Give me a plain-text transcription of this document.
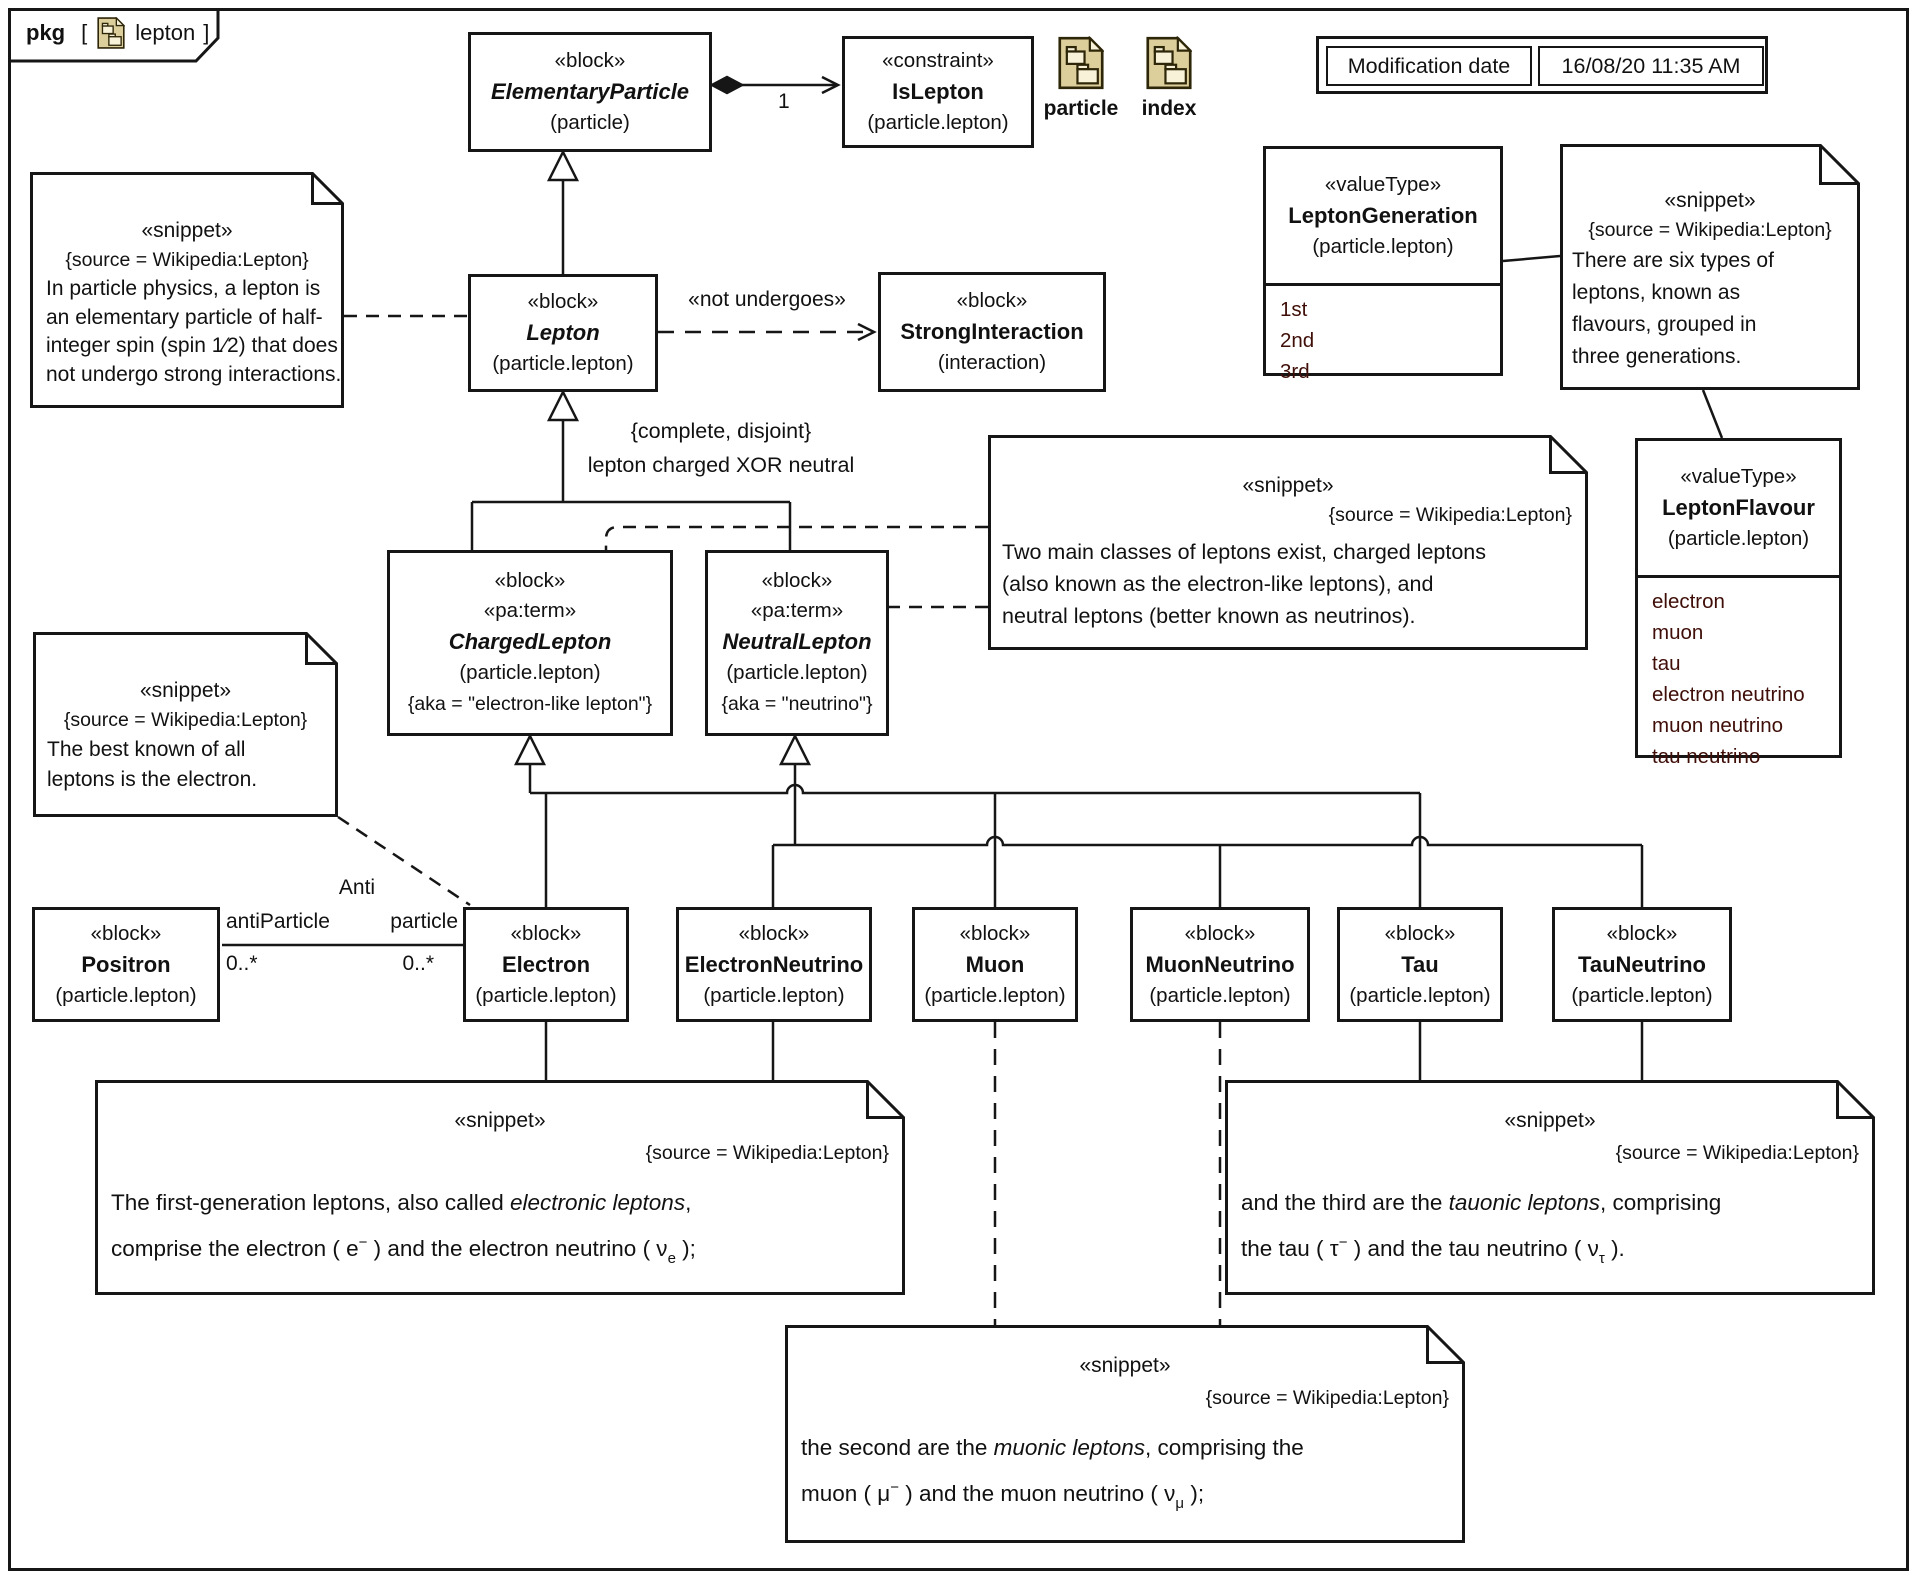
pkg [ lepton ]
particle	index
Modification date	16/08/20 11:35 AM
«block»
ElementaryParticle
(particle)
«constraint»
IsLepton
(particle.lepton)
«block»
Lepton
(particle.lepton)
«block»
StrongInteraction
(interaction)
«block»
«pa:term»
ChargedLepton
(particle.lepton)
{aka = "electron-like lepton"}
«block»
«pa:term»
NeutralLepton
(particle.lepton)
{aka = "neutrino"}
«block»
Positron
(particle.lepton)
«block»
Electron
(particle.lepton)
«block»
ElectronNeutrino
(particle.lepton)
«block»
Muon
(particle.lepton)
«block»
MuonNeutrino
(particle.lepton)
«block»
Tau
(particle.lepton)
«block»
TauNeutrino
(particle.lepton)
«valueType»
LeptonGeneration
(particle.lepton)
1st
2nd
3rd
«valueType»
LeptonFlavour
(particle.lepton)
electron
muon
tau
electron neutrino
muon neutrino
tau neutrino
«snippet»
{source = Wikipedia:Lepton}
In particle physics, a lepton is
an elementary particle of half-
integer spin (spin 1⁄2) that does
not undergo strong interactions.
«snippet»
{source = Wikipedia:Lepton}
There are six types of
leptons, known as
flavours, grouped in
three generations.
«snippet»
{source = Wikipedia:Lepton}
Two main classes of leptons exist, charged leptons
(also known as the electron-like leptons), and
neutral leptons (better known as neutrinos).
«snippet»
{source = Wikipedia:Lepton}
The best known of all
leptons is the electron.
«snippet»
{source = Wikipedia:Lepton}
The first-generation leptons, also called electronic leptons,
comprise the electron ( e− ) and the electron neutrino ( $\nu_e$ );
«snippet»
{source = Wikipedia:Lepton}
and the third are the tauonic leptons, comprising
the tau ( τ− ) and the tau neutrino ( $\nu_\tau$ ).
«snippet»
{source = Wikipedia:Lepton}
the second are the muonic leptons, comprising the
muon ( μ− ) and the muon neutrino ( $\nu_\mu$ );
1
«not undergoes»
{complete, disjoint}
lepton charged XOR neutral
Anti
antiParticle	particle
0..*	0..*
